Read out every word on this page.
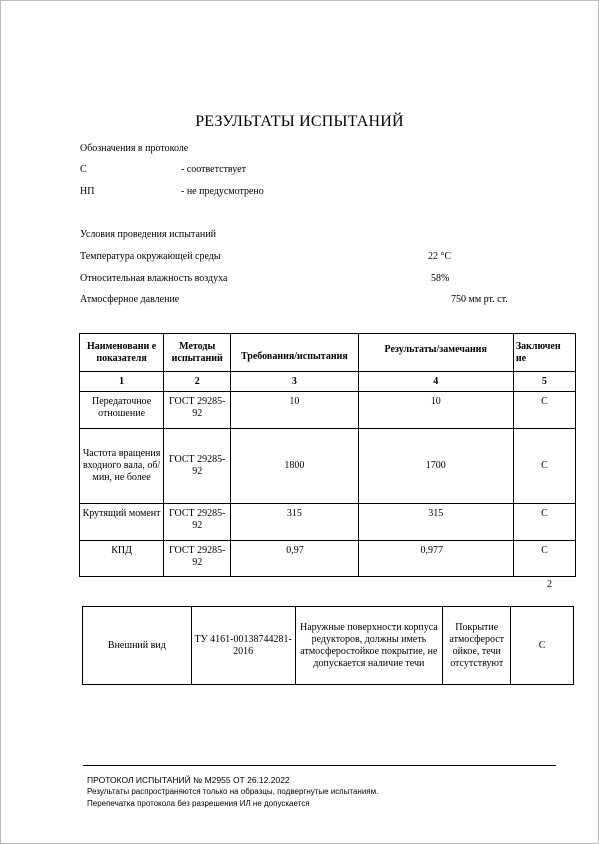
РЕЗУЛЬТАТЫ ИСПЫТАНИЙ
Обозначения в протоколе
С	- соответствует
НП	- не предусмотрено
Условия проведения испытаний
Температура окружающей среды	22 °С
Относительная влажность воздуха	58%
Атмосферное давление	750 мм рт. ст.
Наименовани е показателя	Методы испытаний	Требования/испытания	Результаты/замечания	Заключен ие
1	2	3	4	5
Передаточное отношение	ГОСТ 29285-92	10	10	С
Частота вращения входного вала, об/мин, не более	ГОСТ 29285-92	1800	1700	С
Крутящий момент	ГОСТ 29285-92	315	315	С
КПД	ГОСТ 29285-92	0,97	0,977	С
2
Внешний вид	ТУ 4161-00138744281-2016	Наружные поверхности корпуса редукторов, должны иметь атмосферостойкое покрытие, не допускается наличие течи	Покрытие атмосферост ойкое, течи отсутствуют	С
ПРОТОКОЛ ИСПЫТАНИЙ № М2955 ОТ 26.12.2022
Результаты распространяются только на образцы, подвергнутые испытаниям.
Перепечатка протокола без разрешения ИЛ не допускается
